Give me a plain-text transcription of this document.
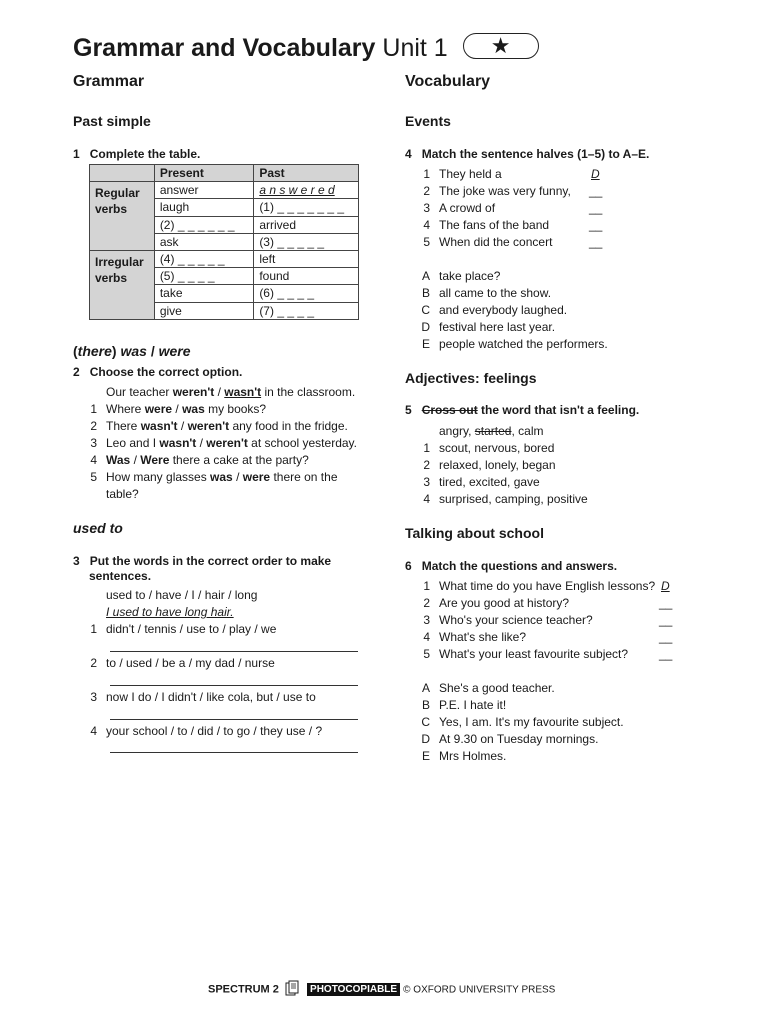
Grammar and Vocabulary Unit 1 ★
Grammar
Past simple
1 Complete the table.
	Present	Past
Regular verbs	answer	a n s w e r e d
	laugh	(1) _ _ _ _ _ _ _
	(2) _ _ _ _ _ _	arrived
	ask	(3) _ _ _ _ _
Irregular verbs	(4) _ _ _ _ _	left
	(5) _ _ _ _	found
	take	(6) _ _ _ _
	give	(7) _ _ _ _
(there) was / were
2 Choose the correct option.
Our teacher weren't / wasn't in the classroom.
1 Where were / was my books?
2 There wasn't / weren't any food in the fridge.
3 Leo and I wasn't / weren't at school yesterday.
4 Was / Were there a cake at the party?
5 How many glasses was / were there on the
table?
used to
3 Put the words in the correct order to make
sentences.
used to / have / I / hair / long
I used to have long hair.
1 didn't / tennis / use to / play / we
2 to / used / be a / my dad / nurse
3 now I do / I didn't / like cola, but / use to
4 your school / to / did / to go / they use / ?
Vocabulary
Events
4 Match the sentence halves (1–5) to A–E.
1 They held a	D
2 The joke was very funny, __
3 A crowd of	__
4 The fans of the band	__
5 When did the concert	__
A take place?
B all came to the show.
C and everybody laughed.
D festival here last year.
E people watched the performers.
Adjectives: feelings
5 Cross out the word that isn't a feeling.
angry, started, calm
1 scout, nervous, bored
2 relaxed, lonely, began
3 tired, excited, gave
4 surprised, camping, positive
Talking about school
6 Match the questions and answers.
1 What time do you have English lessons? D
2 Are you good at history?	__
3 Who's your science teacher?	__
4 What's she like?	__
5 What's your least favourite subject?	__
A She's a good teacher.
B P.E. I hate it!
C Yes, I am. It's my favourite subject.
D At 9.30 on Tuesday mornings.
E Mrs Holmes.
SPECTRUM 2	PHOTOCOPIABLE © OXFORD UNIVERSITY PRESS
